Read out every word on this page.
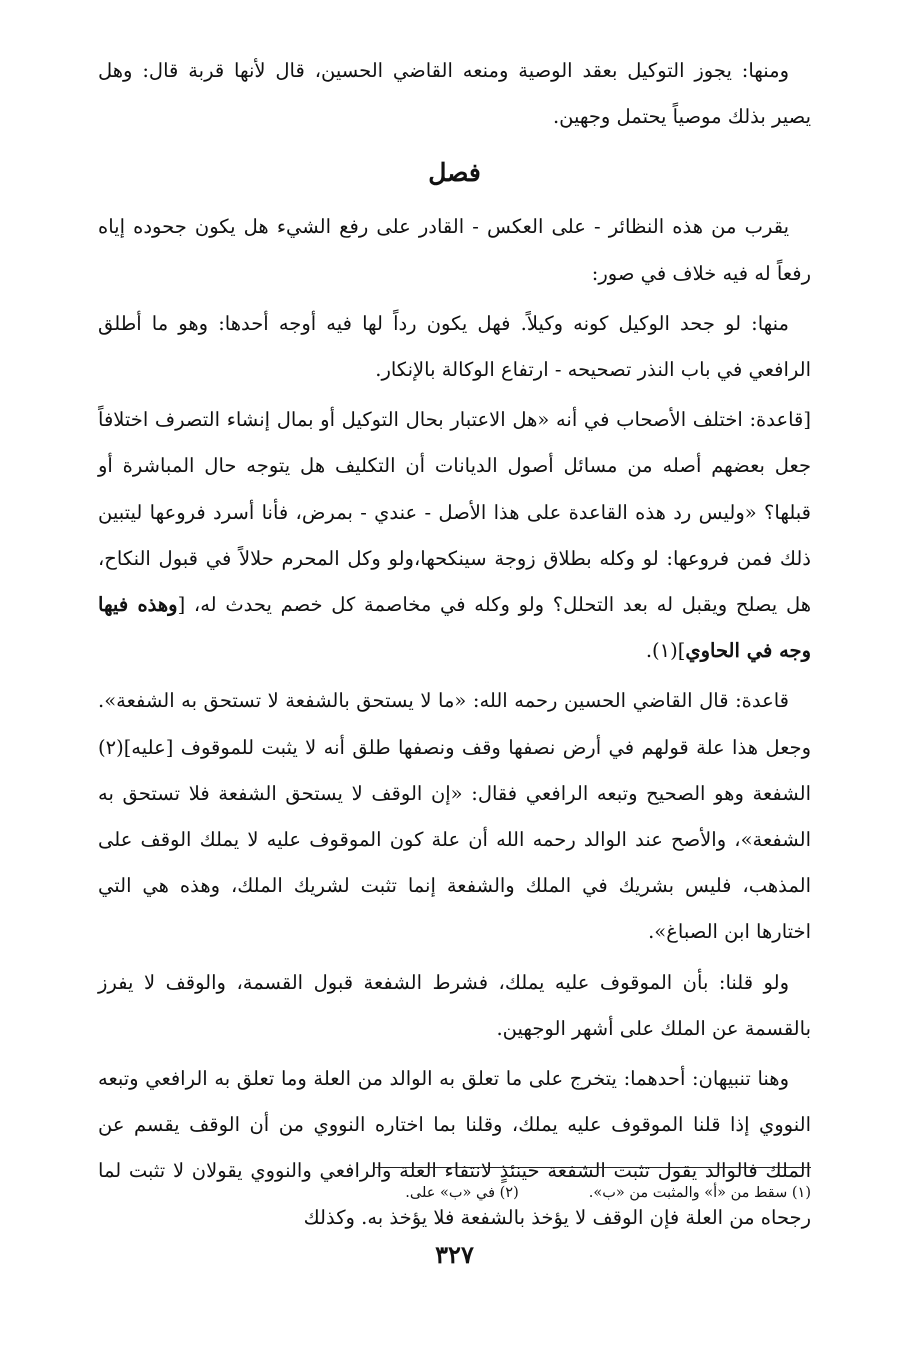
ومنها: يجوز التوكيل بعقد الوصية ومنعه القاضي الحسين، قال لأنها قربة قال: وهل يصير بذلك موصياً يحتمل وجهين.

فصل

يقرب من هذه النظائر - على العكس - القادر على رفع الشيء هل يكون جحوده إياه رفعاً له فيه خلاف في صور:

منها: لو جحد الوكيل كونه وكيلاً. فهل يكون رداً لها فيه أوجه أحدها: وهو ما أطلق الرافعي في باب النذر تصحيحه - ارتفاع الوكالة بالإنكار.

[قاعدة: اختلف الأصحاب في أنه «هل الاعتبار بحال التوكيل أو بمال إنشاء التصرف اختلافاً جعل بعضهم أصله من مسائل أصول الديانات أن التكليف هل يتوجه حال المباشرة أو قبلها؟ «وليس رد هذه القاعدة على هذا الأصل - عندي - بمرض، فأنا أسرد فروعها ليتبين ذلك فمن فروعها: لو وكله بطلاق زوجة سينكحها،ولو وكل المحرم حلالاً في قبول النكاح، هل يصلح ويقبل له بعد التحلل؟ ولو وكله في مخاصمة كل خصم يحدث له، [وهذه فيها وجه في الحاوي](١).

قاعدة: قال القاضي الحسين رحمه الله: «ما لا يستحق بالشفعة لا تستحق به الشفعة». وجعل هذا علة قولهم في أرض نصفها وقف ونصفها طلق أنه لا يثبت للموقوف [عليه](٢) الشفعة وهو الصحيح وتبعه الرافعي فقال: «إن الوقف لا يستحق الشفعة فلا تستحق به الشفعة»، والأصح عند الوالد رحمه الله أن علة كون الموقوف عليه لا يملك الوقف على المذهب، فليس بشريك في الملك والشفعة إنما تثبت لشريك الملك، وهذه هي التي اختارها ابن الصباغ».

ولو قلنا: بأن الموقوف عليه يملك، فشرط الشفعة قبول القسمة، والوقف لا يفرز بالقسمة عن الملك على أشهر الوجهين.

وهنا تنبيهان: أحدهما: يتخرج على ما تعلق به الوالد من العلة وما تعلق به الرافعي وتبعه النووي إذا قلنا الموقوف عليه يملك، وقلنا بما اختاره النووي من أن الوقف يقسم عن الملك فالوالد يقول تثبت الشفعة حينئذٍ لانتفاء العلة والرافعي والنووي يقولان لا تثبت لما رجحاه من العلة فإن الوقف لا يؤخذ بالشفعة فلا يؤخذ به. وكذلك

(١) سقط من «أ» والمثبت من «ب».
(٢) في «ب» على.
٣٢٧
